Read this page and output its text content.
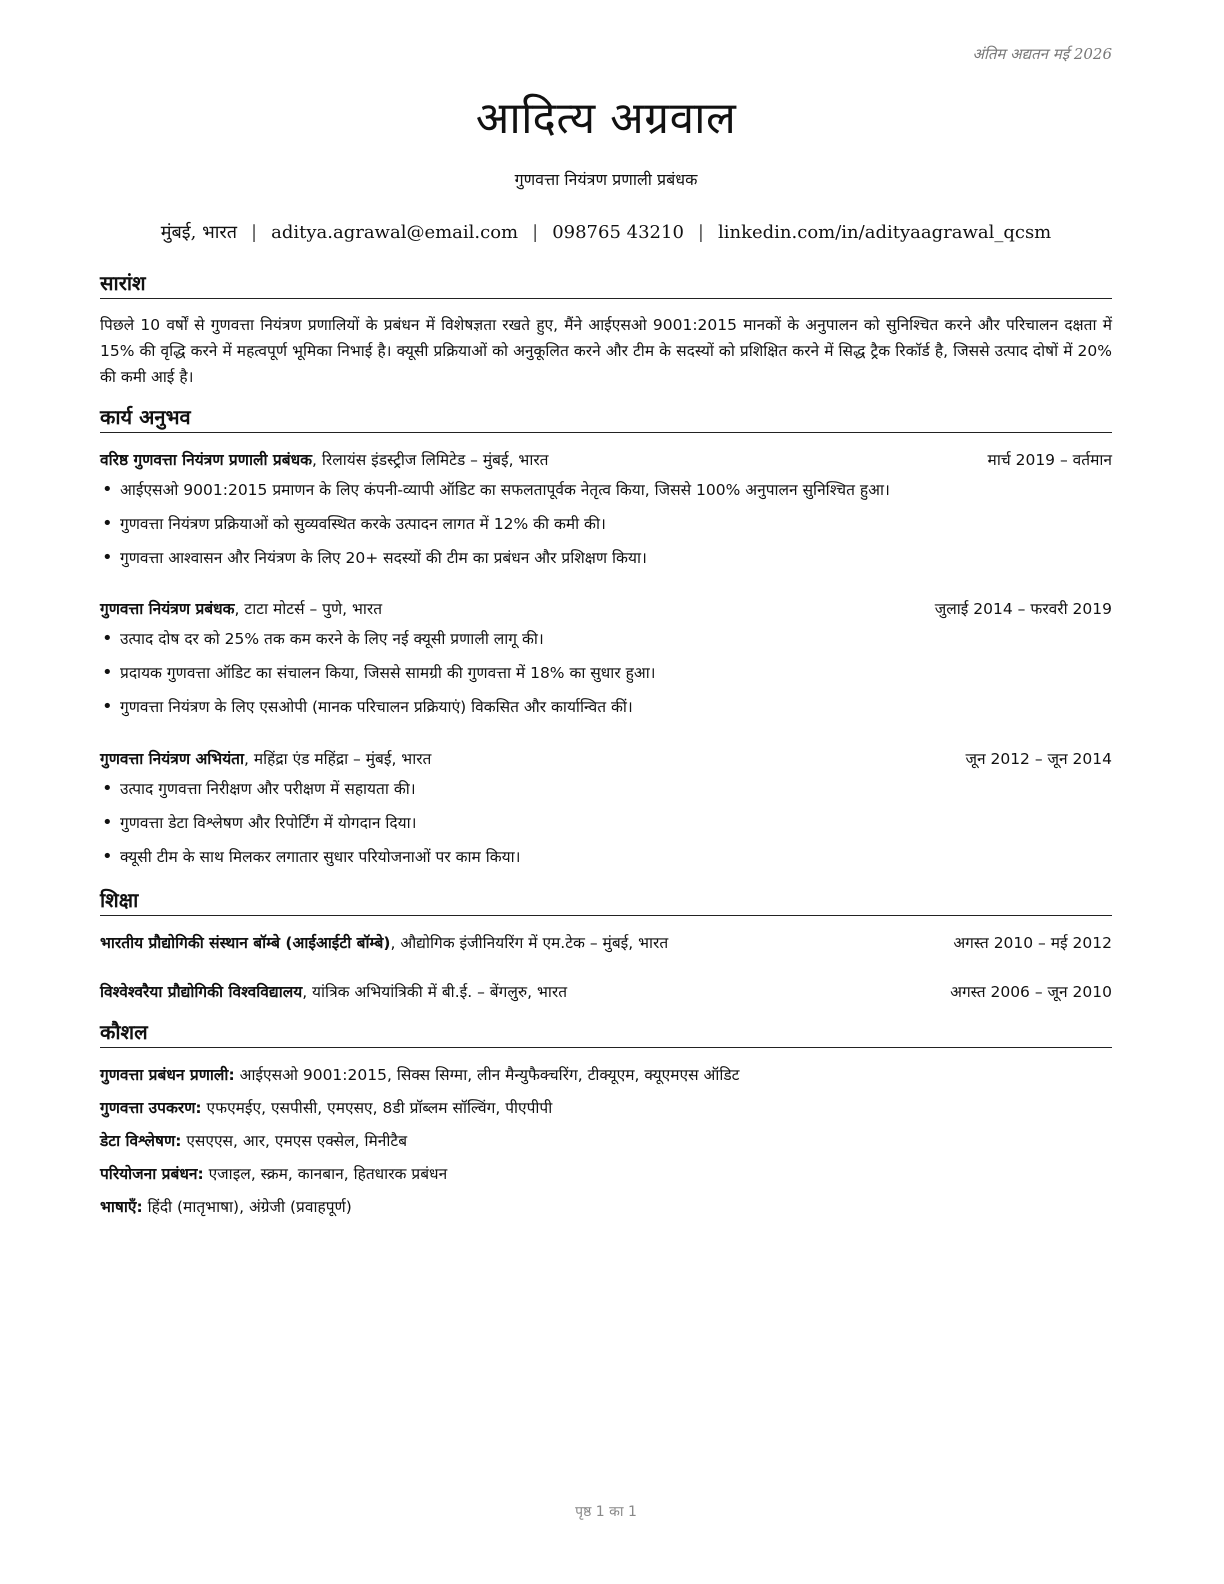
अंतिम अद्यतन मई 2026
आदित्य अग्रवाल
गुणवत्ता नियंत्रण प्रणाली प्रबंधक
मुंबई, भारत | aditya.agrawal@email.com | 098765 43210 | linkedin.com/in/adityaagrawal_qcsm
सारांश
पिछले 10 वर्षों से गुणवत्ता नियंत्रण प्रणालियों के प्रबंधन में विशेषज्ञता रखते हुए, मैंने आईएसओ 9001:2015 मानकों के अनुपालन को सुनिश्चित करने और परिचालन दक्षता में 15% की वृद्धि करने में महत्वपूर्ण भूमिका निभाई है। क्यूसी प्रक्रियाओं को अनुकूलित करने और टीम के सदस्यों को प्रशिक्षित करने में सिद्ध ट्रैक रिकॉर्ड है, जिससे उत्पाद दोषों में 20% की कमी आई है।
कार्य अनुभव
वरिष्ठ गुणवत्ता नियंत्रण प्रणाली प्रबंधक, रिलायंस इंडस्ट्रीज लिमिटेड – मुंबई, भारत	मार्च 2019 – वर्तमान
• आईएसओ 9001:2015 प्रमाणन के लिए कंपनी-व्यापी ऑडिट का सफलतापूर्वक नेतृत्व किया, जिससे 100% अनुपालन सुनिश्चित हुआ।
• गुणवत्ता नियंत्रण प्रक्रियाओं को सुव्यवस्थित करके उत्पादन लागत में 12% की कमी की।
• गुणवत्ता आश्वासन और नियंत्रण के लिए 20+ सदस्यों की टीम का प्रबंधन और प्रशिक्षण किया।
गुणवत्ता नियंत्रण प्रबंधक, टाटा मोटर्स – पुणे, भारत	जुलाई 2014 – फरवरी 2019
• उत्पाद दोष दर को 25% तक कम करने के लिए नई क्यूसी प्रणाली लागू की।
• प्रदायक गुणवत्ता ऑडिट का संचालन किया, जिससे सामग्री की गुणवत्ता में 18% का सुधार हुआ।
• गुणवत्ता नियंत्रण के लिए एसओपी (मानक परिचालन प्रक्रियाएं) विकसित और कार्यान्वित कीं।
गुणवत्ता नियंत्रण अभियंता, महिंद्रा एंड महिंद्रा – मुंबई, भारत	जून 2012 – जून 2014
• उत्पाद गुणवत्ता निरीक्षण और परीक्षण में सहायता की।
• गुणवत्ता डेटा विश्लेषण और रिपोर्टिंग में योगदान दिया।
• क्यूसी टीम के साथ मिलकर लगातार सुधार परियोजनाओं पर काम किया।
शिक्षा
भारतीय प्रौद्योगिकी संस्थान बॉम्बे (आईआईटी बॉम्बे), औद्योगिक इंजीनियरिंग में एम.टेक – मुंबई, भारत	अगस्त 2010 – मई 2012
विश्वेश्वरैया प्रौद्योगिकी विश्वविद्यालय, यांत्रिक अभियांत्रिकी में बी.ई. – बेंगलुरु, भारत	अगस्त 2006 – जून 2010
कौशल
गुणवत्ता प्रबंधन प्रणाली: आईएसओ 9001:2015, सिक्स सिग्मा, लीन मैन्युफैक्चरिंग, टीक्यूएम, क्यूएमएस ऑडिट
गुणवत्ता उपकरण: एफएमईए, एसपीसी, एमएसए, 8डी प्रॉब्लम सॉल्विंग, पीएपीपी
डेटा विश्लेषण: एसएएस, आर, एमएस एक्सेल, मिनीटैब
परियोजना प्रबंधन: एजाइल, स्क्रम, कानबान, हितधारक प्रबंधन
भाषाएँ: हिंदी (मातृभाषा), अंग्रेजी (प्रवाहपूर्ण)
पृष्ठ 1 का 1
